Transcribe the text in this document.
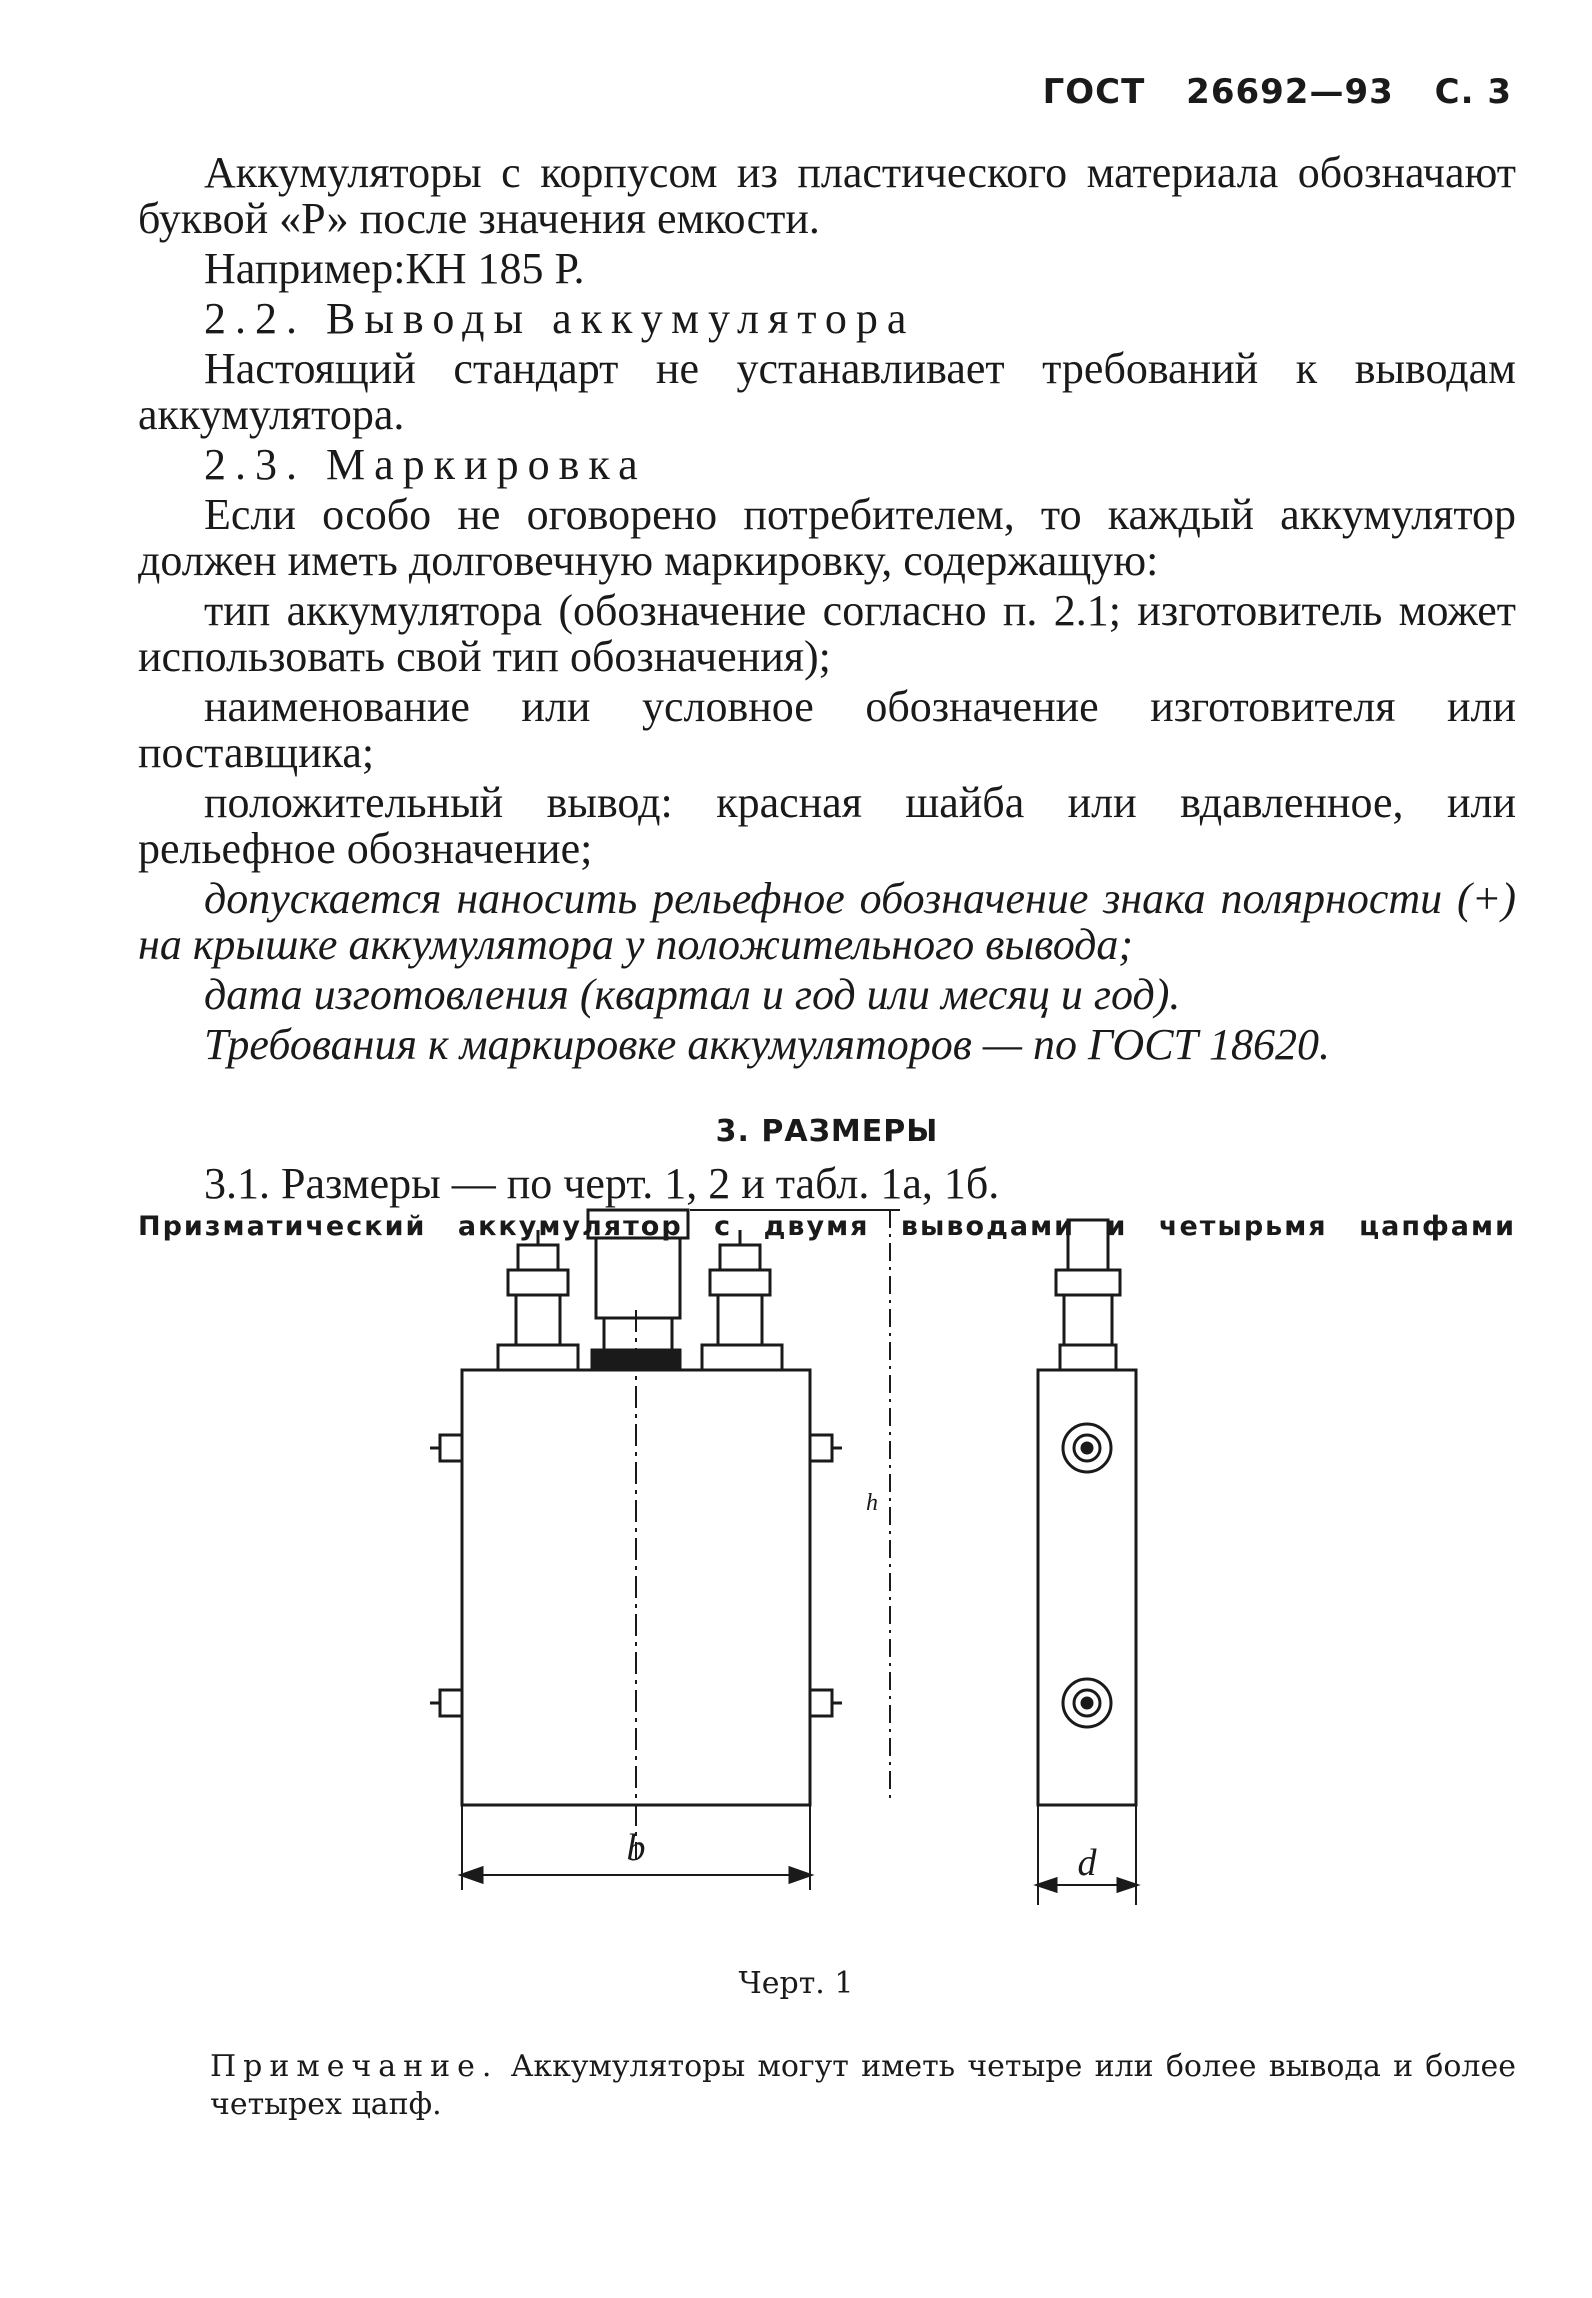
ГОСТ 26692—93 С. 3

Аккумуляторы с корпусом из пластического материала обозначают буквой «Р» после значения емкости.

Например:КН 185 Р.

2.2. Выводы аккумулятора

Настоящий стандарт не устанавливает требований к выводам аккумулятора.

2.3. Маркировка

Если особо не оговорено потребителем, то каждый аккумулятор должен иметь долговечную маркировку, содержащую:

тип аккумулятора (обозначение согласно п. 2.1; изготовитель может использовать свой тип обозначения);

наименование или условное обозначение изготовителя или поставщика;

положительный вывод: красная шайба или вдавленное, или рельефное обозначение;

допускается наносить рельефное обозначение знака полярности (+) на крышке аккумулятора у положительного вывода;

дата изготовления (квартал и год или месяц и год).

Требования к маркировке аккумуляторов — по ГОСТ 18620.

3. РАЗМЕРЫ

3.1. Размеры — по черт. 1, 2 и табл. 1а, 1б.

Призматический аккумулятор с двумя выводами и четырьмя цапфами

b	d
h
Черт. 1

Примечание. Аккумуляторы могут иметь четыре или более вывода и более четырех цапф.
